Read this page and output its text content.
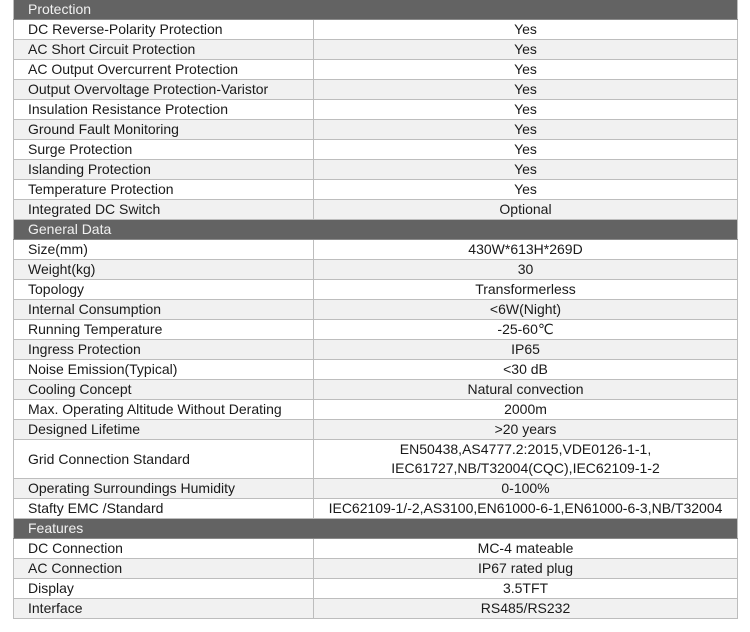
Protection	
DC Reverse-Polarity Protection	Yes
AC Short Circuit Protection	Yes
AC Output Overcurrent Protection	Yes
Output Overvoltage Protection-Varistor	Yes
Insulation Resistance Protection	Yes
Ground Fault Monitoring	Yes
Surge Protection	Yes
Islanding Protection	Yes
Temperature Protection	Yes
Integrated DC Switch	Optional
General Data	
Size(mm)	430W*613H*269D
Weight(kg)	30
Topology	Transformerless
Internal Consumption	<6W(Night)
Running Temperature	-25-60℃
Ingress Protection	IP65
Noise Emission(Typical)	<30 dB
Cooling Concept	Natural convection
Max. Operating Altitude Without Derating	2000m
Designed Lifetime	>20 years
Grid Connection Standard	EN50438,AS4777.2:2015,VDE0126-1-1,
IEC61727,NB/T32004(CQC),IEC62109-1-2

Operating Surroundings Humidity	0-100%
Stafty EMC /Standard	IEC62109-1/-2,AS3100,EN61000-6-1,EN61000-6-3,NB/T32004
Features	
DC Connection	MC-4 mateable
AC Connection	IP67 rated plug
Display	3.5TFT
Interface	RS485/RS232
